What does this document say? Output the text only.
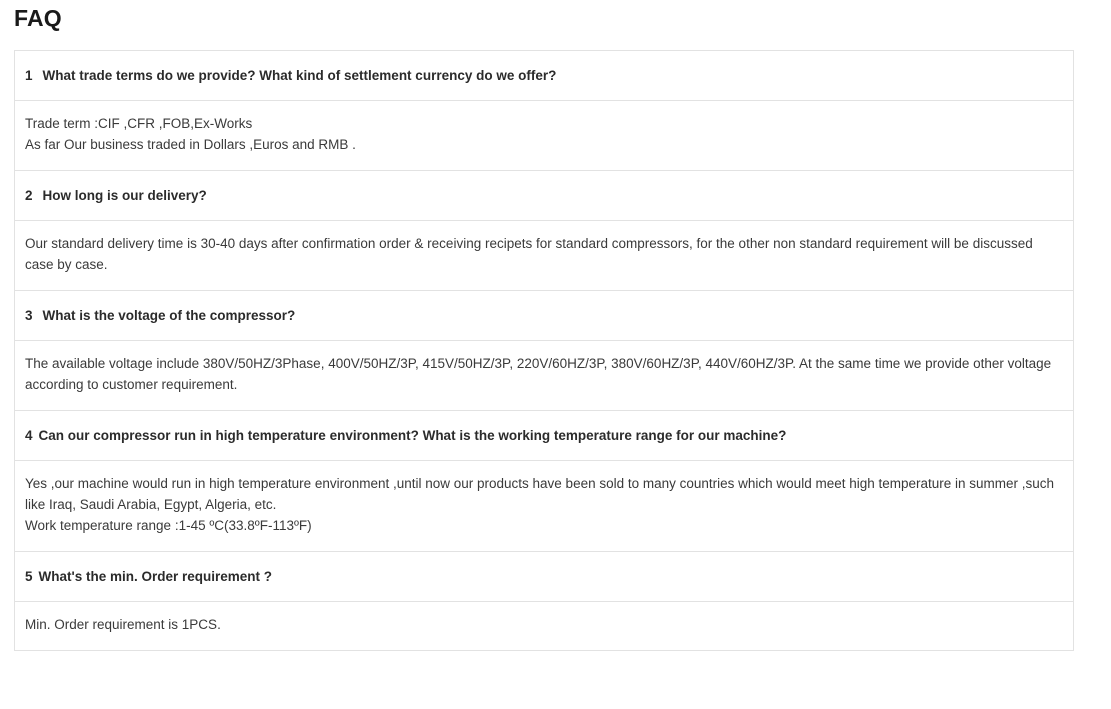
FAQ
1 What trade terms do we provide? What kind of settlement currency do we offer?
Trade term :CIF ,CFR ,FOB,Ex-Works
As far Our business traded in Dollars ,Euros and RMB .
2 How long is our delivery?
Our standard delivery time is 30-40 days after confirmation order & receiving recipets for standard compressors, for the other non standard requirement will be discussed case by case.
3 What is the voltage of the compressor?
The available voltage include 380V/50HZ/3Phase, 400V/50HZ/3P, 415V/50HZ/3P, 220V/60HZ/3P, 380V/60HZ/3P, 440V/60HZ/3P. At the same time we provide other voltage according to customer requirement.
4 Can our compressor run in high temperature environment? What is the working temperature range for our machine?
Yes ,our machine would run in high temperature environment ,until now our products have been sold to many countries which would meet high temperature in summer ,such like Iraq, Saudi Arabia, Egypt, Algeria, etc.
Work temperature range :1-45 ºC(33.8ºF-113ºF)
5 What's the min. Order requirement ?
Min. Order requirement is 1PCS.
